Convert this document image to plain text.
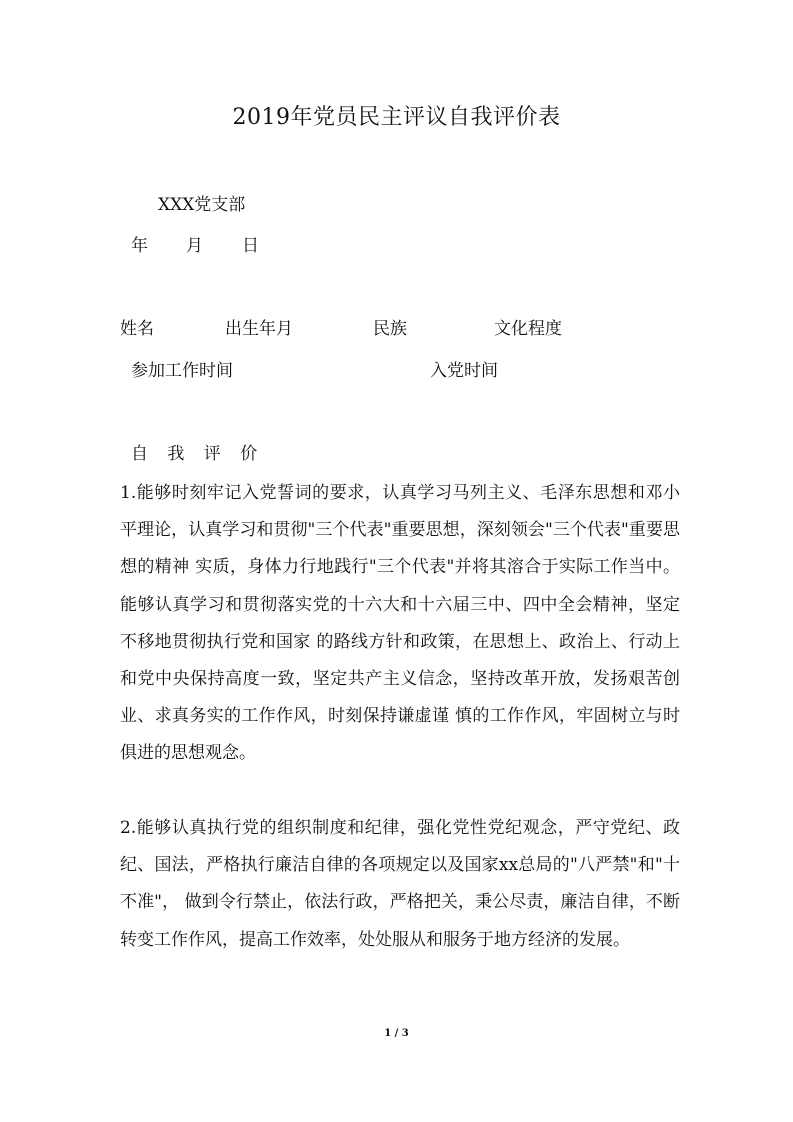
2019年党员民主评议自我评价表
XXX党支部
年 月 日
姓名	出生年月	民族	文化程度
参加工作时间	入党时间
自 我 评 价
1.能够时刻牢记入党誓词的要求，认真学习马列主义、毛泽东思想和邓小平理论，认真学习和贯彻"三个代表"重要思想，深刻领会"三个代表"重要思想的精神 实质，身体力行地践行"三个代表"并将其溶合于实际工作当中。能够认真学习和贯彻落实党的十六大和十六届三中、四中全会精神，坚定不移地贯彻执行党和国家 的路线方针和政策，在思想上、政治上、行动上和党中央保持高度一致，坚定共产主义信念，坚持改革开放，发扬艰苦创业、求真务实的工作作风，时刻保持谦虚谨 慎的工作作风，牢固树立与时俱进的思想观念。
2.能够认真执行党的组织制度和纪律，强化党性党纪观念，严守党纪、政纪、国法，严格执行廉洁自律的各项规定以及国家xx总局的"八严禁"和"十不准"， 做到令行禁止，依法行政，严格把关，秉公尽责，廉洁自律，不断转变工作作风，提高工作效率，处处服从和服务于地方经济的发展。
1 / 3
